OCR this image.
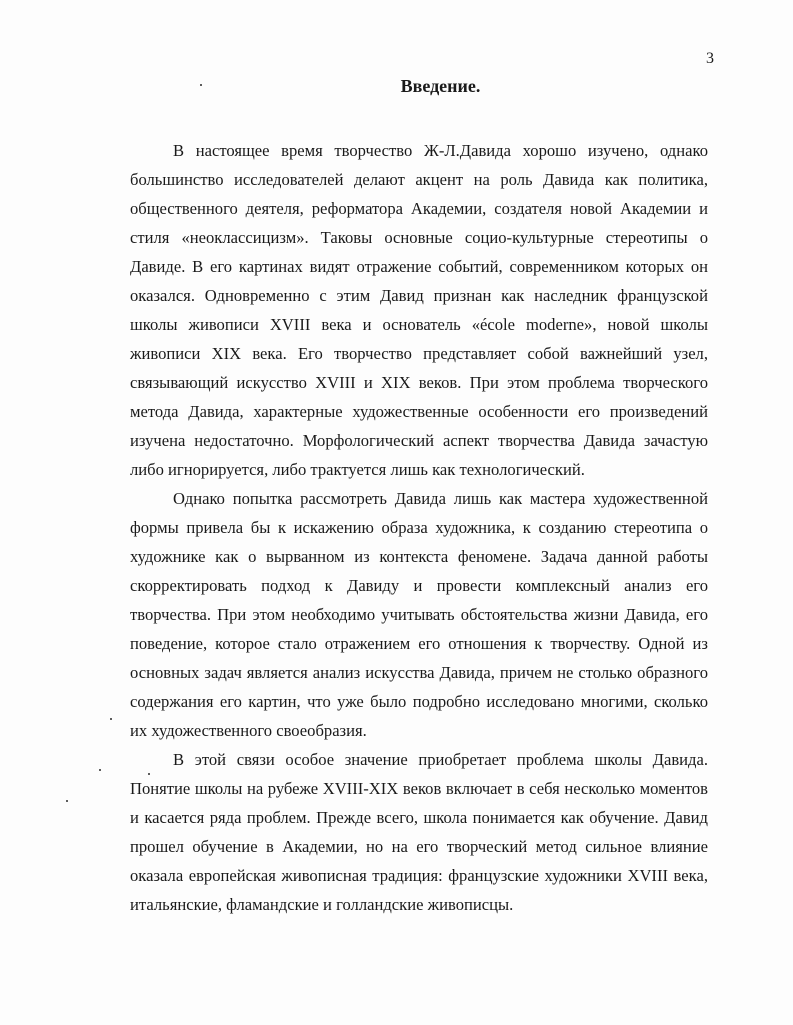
3
Введение.

В настоящее время творчество Ж-Л.Давида хорошо изучено, однако большинство исследователей делают акцент на роль Давида как политика, общественного деятеля, реформатора Академии, создателя новой Академии и стиля «неоклассицизм». Таковы основные социо-культурные стереотипы о Давиде. В его картинах видят отражение событий, современником которых он оказался. Одновременно с этим Давид признан как наследник французской школы живописи XVIII века и основатель «école moderne», новой школы живописи XIX века. Его творчество представляет собой важнейший узел, связывающий искусство XVIII и XIX веков. При этом проблема творческого метода Давида, характерные художественные особенности его произведений изучена недостаточно. Морфологический аспект творчества Давида зачастую либо игнорируется, либо трактуется лишь как технологический.

Однако попытка рассмотреть Давида лишь как мастера художественной формы привела бы к искажению образа художника, к созданию стереотипа о художнике как о вырванном из контекста феномене. Задача данной работы скорректировать подход к Давиду и провести комплексный анализ его творчества. При этом необходимо учитывать обстоятельства жизни Давида, его поведение, которое стало отражением его отношения к творчеству. Одной из основных задач является анализ искусства Давида, причем не столько образного содержания его картин, что уже было подробно исследовано многими, сколько их художественного своеобразия.

В этой связи особое значение приобретает проблема школы Давида. Понятие школы на рубеже XVIII-XIX веков включает в себя несколько моментов и касается ряда проблем. Прежде всего, школа понимается как обучение. Давид прошел обучение в Академии, но на его творческий метод сильное влияние оказала европейская живописная традиция: французские художники XVIII века, итальянские, фламандские и голландские живописцы.
